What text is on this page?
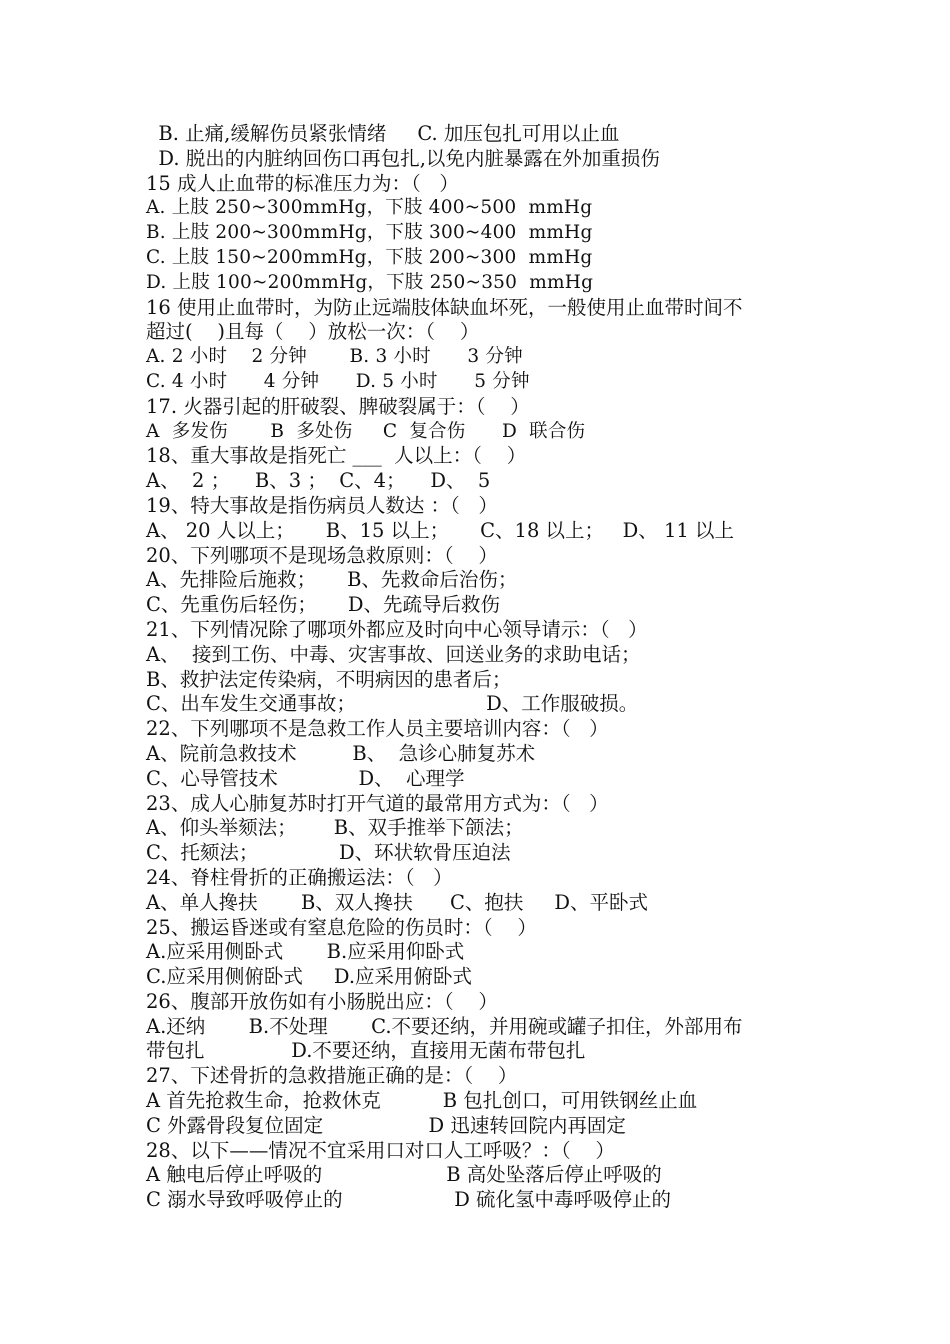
B. 止痛,缓解伤员紧张情绪     C. 加压包扎可用以止血
D. 脱出的内脏纳回伤口再包扎,以免内脏暴露在外加重损伤
15 成人止血带的标准压力为：（   ）
A. 上肢 250~300mmHg，下肢 400~500  mmHg
B. 上肢 200~300mmHg，下肢 300~400  mmHg
C. 上肢 150~200mmHg，下肢 200~300  mmHg
D. 上肢 100~200mmHg，下肢 250~350  mmHg
16 使用止血带时，为防止远端肢体缺血坏死，一般使用止血带时间不
超过(    )且每（    ）放松一次：（    ）
A. 2 小时    2 分钟       B. 3 小时      3 分钟
C. 4 小时      4 分钟      D. 5 小时      5 分钟
17. 火器引起的肝破裂、脾破裂属于：（    ）
A  多发伤       B  多处伤     C  复合伤      D  联合伤
18、重大事故是指死亡 ___  人以上：（    ）
A、  2 ；    B、3 ；  C、4；    D、  5
19、特大事故是指伤病员人数达 ：（   ）
A、 20 人以上；     B、15 以上；     C、18 以上；   D、 11 以上
20、下列哪项不是现场急救原则：（    ）
A、先排险后施救；     B、先救命后治伤；
C、先重伤后轻伤；     D、先疏导后救伤
21、下列情况除了哪项外都应及时向中心领导请示：（   ）
A、  接到工伤、中毒、灾害事故、回送业务的求助电话；
B、救护法定传染病，不明病因的患者后；
C、出车发生交通事故；                     D、工作服破损。
22、下列哪项不是急救工作人员主要培训内容：（   ）
A、院前急救技术         B、  急诊心肺复苏术
C、心导管技术             D、  心理学
23、成人心肺复苏时打开气道的最常用方式为：（   ）
A、仰头举颏法；      B、双手推举下颌法；
C、托颏法；             D、环状软骨压迫法
24、脊柱骨折的正确搬运法：（   ）
A、单人搀扶       B、双人搀扶      C、抱扶     D、平卧式
25、搬运昏迷或有窒息危险的伤员时：（    ）
A.应采用侧卧式       B.应采用仰卧式
C.应采用侧俯卧式     D.应采用俯卧式
26、腹部开放伤如有小肠脱出应：（    ）
A.还纳       B.不处理       C.不要还纳，并用碗或罐子扣住，外部用布
带包扎              D.不要还纳，直接用无菌布带包扎
27、下述骨折的急救措施正确的是：（    ）
A 首先抢救生命，抢救休克          B 包扎创口，可用铁钢丝止血
C 外露骨段复位固定                 D 迅速转回院内再固定
28、以下——情况不宜采用口对口人工呼吸？：（    ）
A 触电后停止呼吸的                    B 高处坠落后停止呼吸的
C 溺水导致呼吸停止的                  D 硫化氢中毒呼吸停止的
